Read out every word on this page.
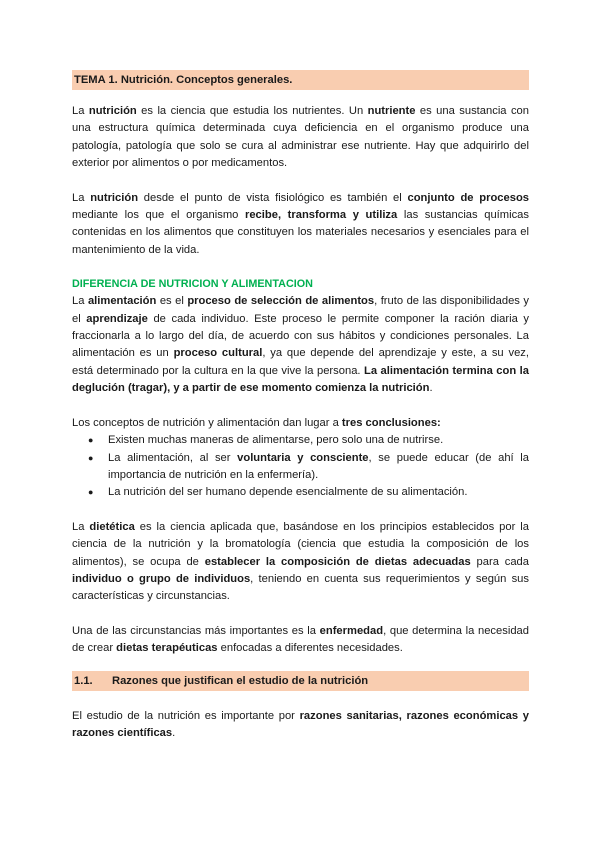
TEMA 1. Nutrición. Conceptos generales.

La nutrición es la ciencia que estudia los nutrientes. Un nutriente es una sustancia con una estructura química determinada cuya deficiencia en el organismo produce una patología, patología que solo se cura al administrar ese nutriente. Hay que adquirirlo del exterior por alimentos o por medicamentos.

La nutrición desde el punto de vista fisiológico es también el conjunto de procesos mediante los que el organismo recibe, transforma y utiliza las sustancias químicas contenidas en los alimentos que constituyen los materiales necesarios y esenciales para el mantenimiento de la vida.

DIFERENCIA DE NUTRICION Y ALIMENTACION

La alimentación es el proceso de selección de alimentos, fruto de las disponibilidades y el aprendizaje de cada individuo. Este proceso le permite componer la ración diaria y fraccionarla a lo largo del día, de acuerdo con sus hábitos y condiciones personales. La alimentación es un proceso cultural, ya que depende del aprendizaje y este, a su vez, está determinado por la cultura en la que vive la persona. La alimentación termina con la deglución (tragar), y a partir de ese momento comienza la nutrición.

Los conceptos de nutrición y alimentación dan lugar a tres conclusiones:

● Existen muchas maneras de alimentarse, pero solo una de nutrirse.
● La alimentación, al ser voluntaria y consciente, se puede educar (de ahí la importancia de nutrición en la enfermería).
● La nutrición del ser humano depende esencialmente de su alimentación.

La dietética es la ciencia aplicada que, basándose en los principios establecidos por la ciencia de la nutrición y la bromatología (ciencia que estudia la composición de los alimentos), se ocupa de establecer la composición de dietas adecuadas para cada individuo o grupo de individuos, teniendo en cuenta sus requerimientos y según sus características y circunstancias.

Una de las circunstancias más importantes es la enfermedad, que determina la necesidad de crear dietas terapéuticas enfocadas a diferentes necesidades.

1.1.	Razones que justifican el estudio de la nutrición

El estudio de la nutrición es importante por razones sanitarias, razones económicas y razones científicas.
